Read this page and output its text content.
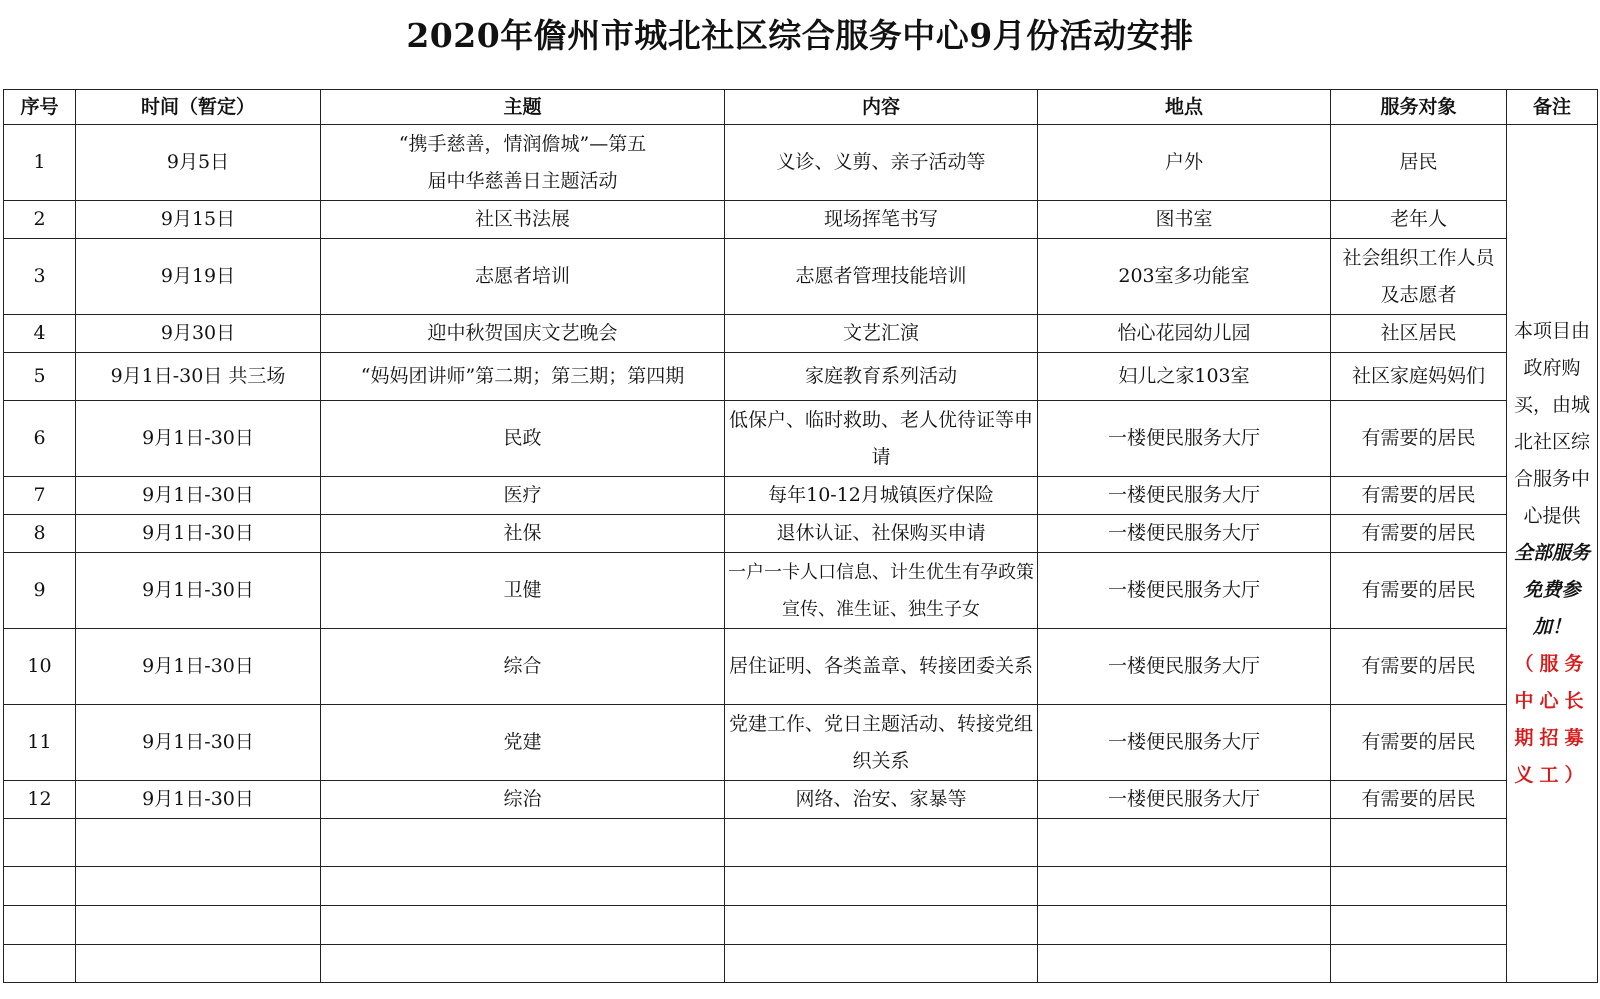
2020年儋州市城北社区综合服务中心9月份活动安排
序号	时间（暂定）	主题	内容	地点	服务对象	备注
1	9月5日	“携手慈善，情润儋城”—第五届中华慈善日主题活动	义诊、义剪、亲子活动等	户外	居民	本项目由政府购买，由城北社区综合服务中心提供
全部服务免费参加！
（服务中心长期招募义工）

2	9月15日	社区书法展	现场挥笔书写	图书室	老年人	
3	9月19日	志愿者培训	志愿者管理技能培训	203室多功能室	社会组织工作人员及志愿者	
4	9月30日	迎中秋贺国庆文艺晚会	文艺汇演	怡心花园幼儿园	社区居民	
5	9月1日-30日 共三场	“妈妈团讲师”第二期；第三期；第四期	家庭教育系列活动	妇儿之家103室	社区家庭妈妈们	
6	9月1日-30日	民政	低保户、临时救助、老人优待证等申请	一楼便民服务大厅	有需要的居民	
7	9月1日-30日	医疗	每年10-12月城镇医疗保险	一楼便民服务大厅	有需要的居民	
8	9月1日-30日	社保	退休认证、社保购买申请	一楼便民服务大厅	有需要的居民	
9	9月1日-30日	卫健	一户一卡人口信息、计生优生有孕政策宣传、准生证、独生子女	一楼便民服务大厅	有需要的居民	
10	9月1日-30日	综合	居住证明、各类盖章、转接团委关系	一楼便民服务大厅	有需要的居民	
11	9月1日-30日	党建	党建工作、党日主题活动、转接党组织关系	一楼便民服务大厅	有需要的居民	
12	9月1日-30日	综治	网络、治安、家暴等	一楼便民服务大厅	有需要的居民	
